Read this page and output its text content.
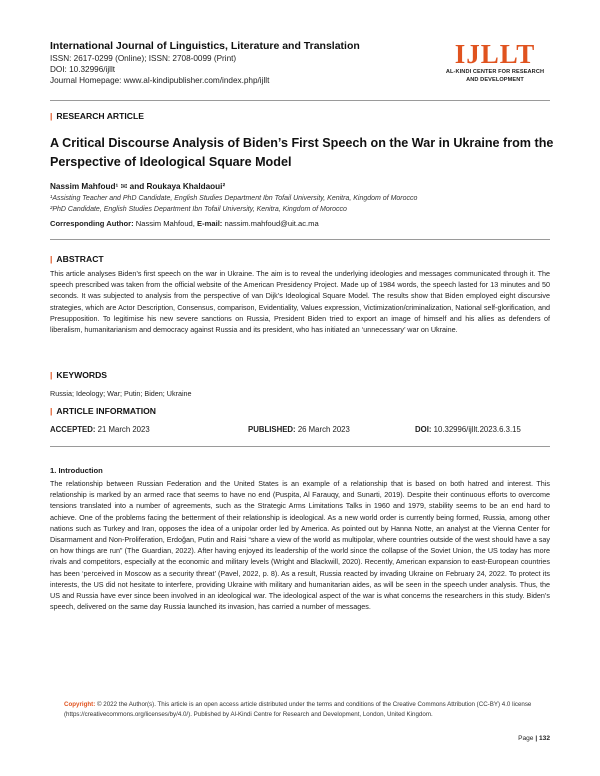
International Journal of Linguistics, Literature and Translation
ISSN: 2617-0299 (Online); ISSN: 2708-0099 (Print)
DOI: 10.32996/ijllt
Journal Homepage: www.al-kindipublisher.com/index.php/ijllt
IJLLT
AL-KINDI CENTER FOR RESEARCH
AND DEVELOPMENT
| RESEARCH ARTICLE
A Critical Discourse Analysis of Biden’s First Speech on the War in Ukraine from the Perspective of Ideological Square Model
Nassim Mahfoud¹ ✉ and Roukaya Khaldaoui²
¹Assisting Teacher and PhD Candidate, English Studies Department Ibn Tofail University, Kenitra, Kingdom of Morocco
²PhD Candidate, English Studies Department Ibn Tofail University, Kenitra, Kingdom of Morocco
Corresponding Author: Nassim Mahfoud, E-mail: nassim.mahfoud@uit.ac.ma
| ABSTRACT
This article analyses Biden’s first speech on the war in Ukraine. The aim is to reveal the underlying ideologies and messages communicated through it. The speech prescribed was taken from the official website of the American Presidency Project. Made up of 1984 words, the speech lasted for 13 minutes and 50 seconds. It was subjected to analysis from the perspective of van Dijk’s Ideological Square Model. The results show that Biden employed eight discursive strategies, which are Actor Description, Consensus, comparison, Evidentiality, Values expression, Victimization/criminalization, National self-glorification, and Presupposition. To legitimise his new severe sanctions on Russia, President Biden tried to export an image of himself and his allies as defenders of liberalism, humanitarianism and democracy against Russia and its president, who has initiated an ‘unnecessary’ war on Ukraine.
| KEYWORDS
Russia; Ideology; War; Putin; Biden; Ukraine
| ARTICLE INFORMATION
ACCEPTED: 21 March 2023	PUBLISHED: 26 March 2023	DOI: 10.32996/ijllt.2023.6.3.15
1. Introduction
The relationship between Russian Federation and the United States is an example of a relationship that is based on both hatred and interest. This relationship is marked by an armed race that seems to have no end (Puspita, Al Farauqy, and Sunarti, 2019). Despite their continuous efforts to overcome tensions translated into a number of agreements, such as the Strategic Arms Limitations Talks in 1960 and 1979, stability seems to be an end hard to achieve. One of the problems facing the betterment of their relationship is ideological. As a new world order is currently being formed, Russia, among other nations such as Turkey and Iran, opposes the idea of a unipolar order led by America. As pointed out by Hanna Notte, an analyst at the Vienna Center for Disarmament and Non-Proliferation, Erdoğan, Putin and Raisi “share a view of the world as multipolar, where countries outside of the west should have a say on how things are run” (The Guardian, 2022). After having enjoyed its leadership of the world since the collapse of the Soviet Union, the US today has more rivals and competitors, especially at the economic and military levels (Wright and Blackwill, 2020). Recently, American expansion to east-European countries has been ‘perceived in Moscow as a security threat’ (Pavel, 2022, p. 8). As a result, Russia reacted by invading Ukraine on February 24, 2022. To protect its interests, the US did not hesitate to interfere, providing Ukraine with military and humanitarian aides, as will be seen in the speech under analysis. Thus, the US and Russia have ever since been involved in an ideological war. The ideological aspect of the war is what concerns the researchers in this study. Biden’s speech, delivered on the same day Russia launched its invasion, has carried a number of messages.
Copyright: © 2022 the Author(s). This article is an open access article distributed under the terms and conditions of the Creative Commons Attribution (CC-BY) 4.0 license (https://creativecommons.org/licenses/by/4.0/). Published by Al-Kindi Centre for Research and Development, London, United Kingdom.
Page | 132
